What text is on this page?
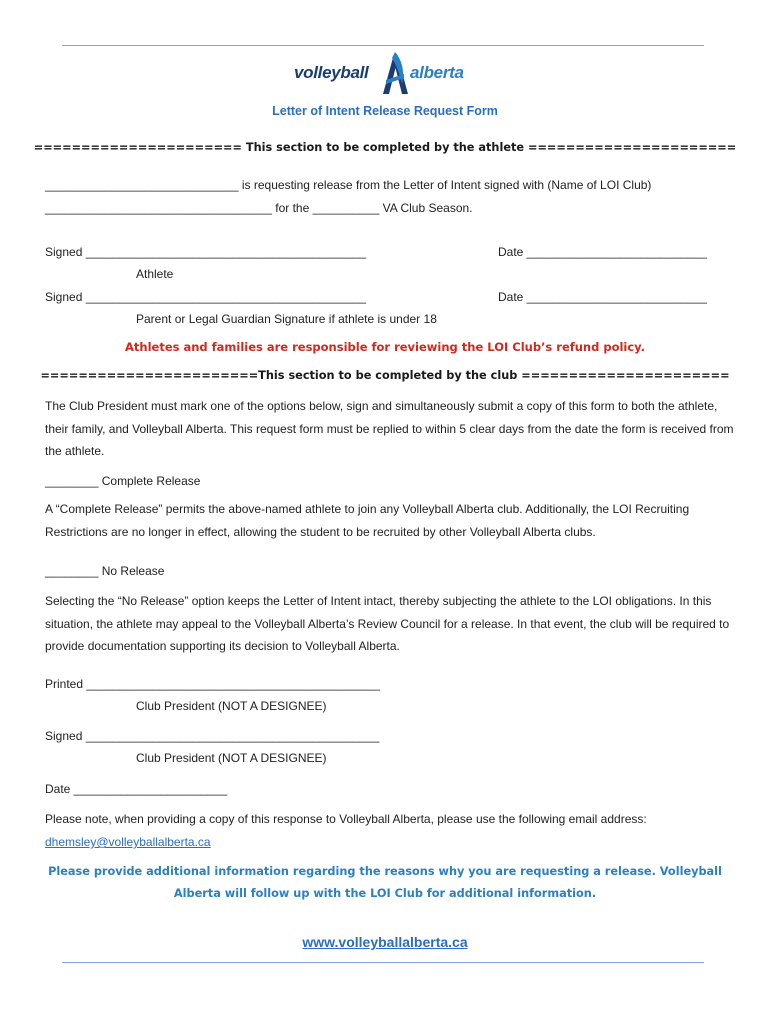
volleyball alberta
Letter of Intent Release Request Form
====================== This section to be completed by the athlete ======================
_____________________________ is requesting release from the Letter of Intent signed with (Name of LOI Club)
__________________________________ for the __________ VA Club Season.
Signed __________________________________________	Date ___________________________
Athlete
Signed __________________________________________	Date ___________________________
Parent or Legal Guardian Signature if athlete is under 18
Athletes and families are responsible for reviewing the LOI Club’s refund policy.
=======================This section to be completed by the club ======================
The Club President must mark one of the options below, sign and simultaneously submit a copy of this form to both the athlete, their family, and Volleyball Alberta. This request form must be replied to within 5 clear days from the date the form is received from the athlete.
________ Complete Release
A “Complete Release” permits the above-named athlete to join any Volleyball Alberta club. Additionally, the LOI Recruiting Restrictions are no longer in effect, allowing the student to be recruited by other Volleyball Alberta clubs.
________ No Release
Selecting the “No Release” option keeps the Letter of Intent intact, thereby subjecting the athlete to the LOI obligations. In this situation, the athlete may appeal to the Volleyball Alberta’s Review Council for a release. In that event, the club will be required to provide documentation supporting its decision to Volleyball Alberta.
Printed ____________________________________________
Club President (NOT A DESIGNEE)
Signed ____________________________________________
Club President (NOT A DESIGNEE)
Date _______________________
Please note, when providing a copy of this response to Volleyball Alberta, please use the following email address:
dhemsley@volleyballalberta.ca
Please provide additional information regarding the reasons why you are requesting a release. Volleyball Alberta will follow up with the LOI Club for additional information.
www.volleyballalberta.ca
